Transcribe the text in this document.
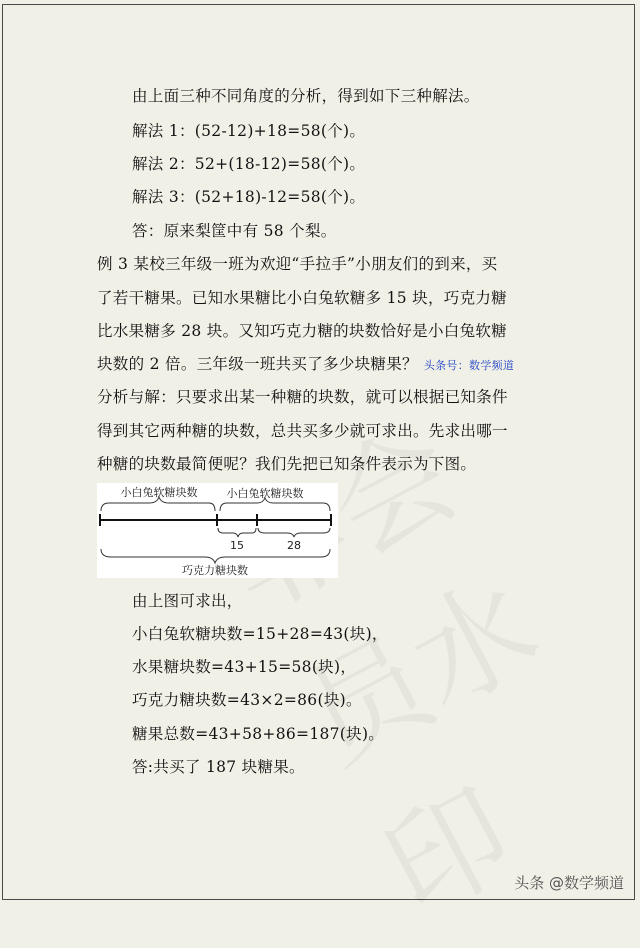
由上面三种不同角度的分析，得到如下三种解法。
解法 1：(52-12)+18=58(个)。
解法 2：52+(18-12)=58(个)。
解法 3：(52+18)-12=58(个)。
答：原来梨筐中有 58 个梨。
例 3 某校三年级一班为欢迎“手拉手”小朋友们的到来，买
了若干糖果。已知水果糖比小白兔软糖多 15 块，巧克力糖
比水果糖多 28 块。又知巧克力糖的块数恰好是小白兔软糖
块数的 2 倍。三年级一班共买了多少块糖果？ 头条号：数学频道
分析与解：只要求出某一种糖的块数，就可以根据已知条件
得到其它两种糖的块数，总共买多少就可求出。先求出哪一
种糖的块数最简便呢？我们先把已知条件表示为下图。
小白兔软糖块数	小白兔软糖块数
15	28
巧克力糖块数
由上图可求出，
小白兔软糖块数=15+28=43(块)，
水果糖块数=43+15=58(块)，
巧克力糖块数=43×2=86(块)。
糖果总数=43+58+86=187(块)。
答:共买了 187 块糖果。
头条 @数学频道
